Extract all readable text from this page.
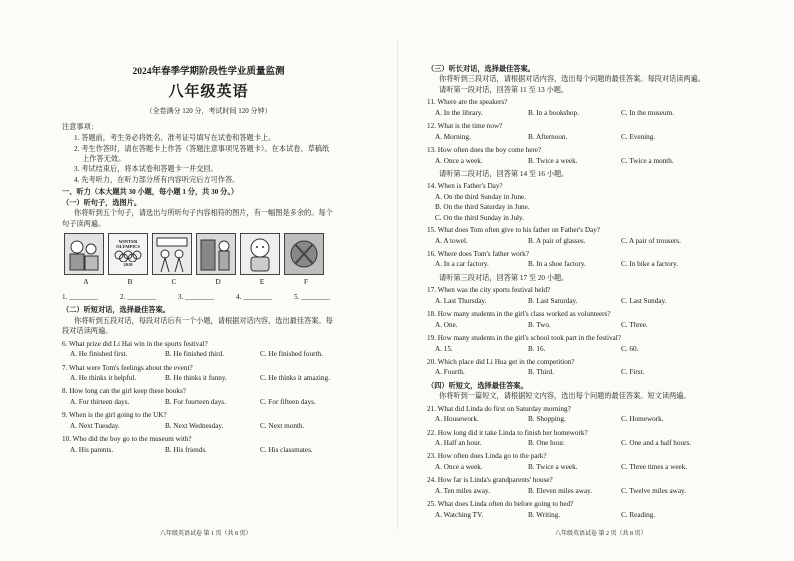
2024年春季学期阶段性学业质量监测
八年级英语
（全卷满分 120 分，考试时间 120 分钟）
注意事项：
1. 答题前，考生务必将姓名、准考证号填写在试卷和答题卡上。
2. 考生作答时，请在答题卡上作答（答题注意事项见答题卡）。在本试卷、草稿纸
上作答无效。
3. 考试结束后，将本试卷和答题卡一并交回。
4. 先考听力，在听力部分所有内容听完后方可作答。
一、听力（本大题共 30 小题，每小题 1 分，共 30 分。）
（一）听句子，选图片。
你将听到五个句子，请选出与所听句子内容相符的图片，有一幅图是多余的。每个
句子读两遍。
WINTER
OLYMPICS
2018
A	B	C	D	E	F
1. ________	2. ________	3. ________	4. ________	5. ________
（二）听短对话，选择最佳答案。
你将听到五段对话，每段对话后有一个小题，请根据对话内容，选出最佳答案。每
段对话读两遍。
6. What prize did Li Hai win in the sports festival?
A. He finished first.	B. He finished third.	C. He finished fourth.
7. What were Tom's feelings about the event?
A. He thinks it helpful.	B. He thinks it funny.	C. He thinks it amazing.
8. How long can the girl keep these books?
A. For thirteen days.	B. For fourteen days.	C. For fifteen days.
9. When is the girl going to the UK?
A. Next Tuesday.	B. Next Wednesday.	C. Next month.
10. Who did the boy go to the museum with?
A. His parents.	B. His friends.	C. His classmates.
（三）听长对话，选择最佳答案。
你将听到三段对话，请根据对话内容，选出每个问题的最佳答案。每段对话读两遍。
请听第一段对话，回答第 11 至 13 小题。
11. Where are the speakers?
A. In the library.	B. In a bookshop.	C. In the museum.
12. What is the time now?
A. Morning.	B. Afternoon.	C. Evening.
13. How often does the boy come here?
A. Once a week.	B. Twice a week.	C. Twice a month.
请听第二段对话，回答第 14 至 16 小题。
14. When is Father's Day?
A. On the third Sunday in June.
B. On the third Saturday in June.
C. On the third Sunday in July.
15. What does Tom often give to his father on Father's Day?
A. A towel.	B. A pair of glasses.	C. A pair of trousers.
16. Where does Tom's father work?
A. In a car factory.	B. In a shoe factory.	C. In bike a factory.
请听第三段对话，回答第 17 至 20 小题。
17. When was the city sports festival held?
A. Last Thursday.	B. Last Saturday.	C. Last Sunday.
18. How many students in the girl's class worked as volunteers?
A. One.	B. Two.	C. Three.
19. How many students in the girl's school took part in the festival?
A. 15.	B. 16.	C. 60.
20. Which place did Li Hua get in the competition?
A. Fourth.	B. Third.	C. First.
（四）听短文，选择最佳答案。
你将听到一篇短文，请根据短文内容，选出每个问题的最佳答案。短文读两遍。
21. What did Linda do first on Saturday morning?
A. Housework.	B. Shopping.	C. Homework.
22. How long did it take Linda to finish her homework?
A. Half an hour.	B. One hour.	C. One and a half hours.
23. How often does Linda go to the park?
A. Once a week.	B. Twice a week.	C. Three times a week.
24. How far is Linda's grandparents' house?
A. Ten miles away.	B. Eleven miles away.	C. Twelve miles away.
25. What does Linda often do before going to bed?
A. Watching TV.	B. Writing.	C. Reading.
八年级英语试卷 第 1 页（共 8 页）	八年级英语试卷 第 2 页（共 8 页）
